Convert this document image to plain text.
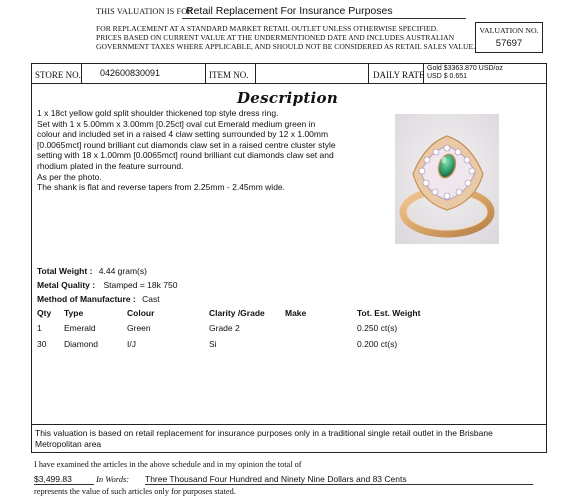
THIS VALUATION IS FOR
Retail Replacement For Insurance Purposes
FOR REPLACEMENT AT A STANDARD MARKET RETAIL OUTLET UNLESS OTHERWISE SPECIFIED.
PRICES BASED ON CURRENT VALUE AT THE UNDERMENTIONED DATE AND INCLUDES AUSTRALIAN
GOVERNMENT TAXES WHERE APPLICABLE, AND SHOULD NOT BE CONSIDERED AS RETAIL SALES VALUE.
VALUATION NO.
57697
STORE NO. 042600830091	ITEM NO.	DAILY RATE
Gold $3363.870 USD/oz
USD $ 0.651
Description
1 x 18ct yellow gold split shoulder thickened top style dress ring.
Set with 1 x 5.00mm x 3.00mm [0.25ct] oval cut Emerald medium green in
colour and included set in a raised 4 claw setting surrounded by 12 x 1.00mm
[0.0065mct] round brilliant cut diamonds claw set in a raised centre cluster style
setting with 18 x 1.00mm [0.0065mct] round brilliant cut diamonds claw set and
rhodium plated in the feature surround.
As per the photo.
The shank is flat and reverse tapers from 2.25mm - 2.45mm wide.
Total Weight : 4.44 gram(s)
Metal Quality : Stamped = 18k 750
Method of Manufacture : Cast
Qty Type	Colour	Clarity /Grade Make	Tot. Est. Weight
1	Emerald	Green	Grade 2	0.250 ct(s)
30 Diamond	I/J	Si	0.200 ct(s)
This valuation is based on retail replacement for insurance purposes only in a traditional single retail outlet in the Brisbane Metropolitan area
I have examined the articles in the above schedule and in my opinion the total of
$3,499.83	In Words: Three Thousand Four Hundred and Ninety Nine Dollars and 83 Cents
represents the value of such articles only for purposes stated.
